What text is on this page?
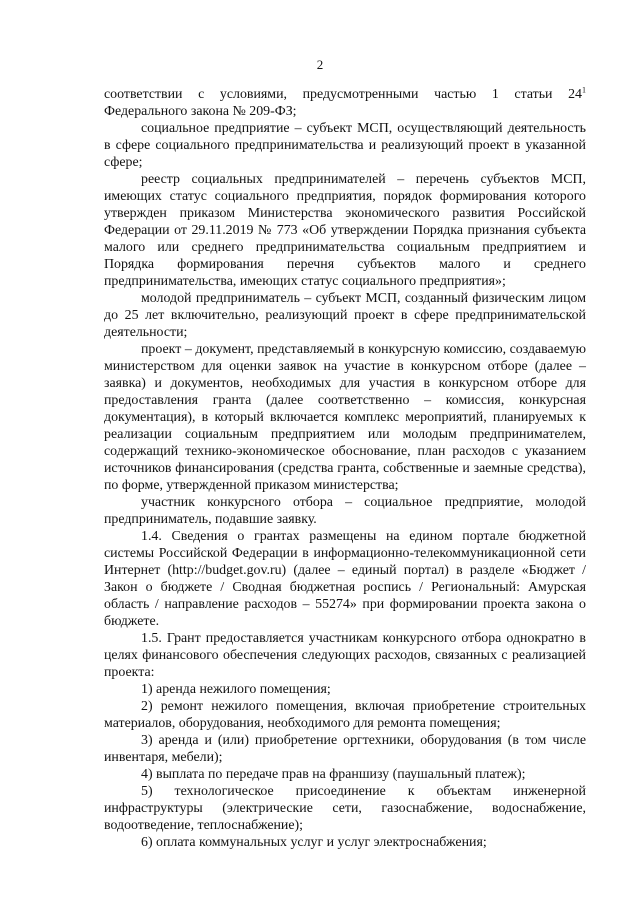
2

соответствии с условиями, предусмотренными частью 1 статьи $24^1$ Федерального закона № 209-ФЗ;

социальное предприятие – субъект МСП, осуществляющий деятельность в сфере социального предпринимательства и реализующий проект в указанной сфере;

реестр социальных предпринимателей – перечень субъектов МСП, имеющих статус социального предприятия, порядок формирования которого утвержден приказом Министерства экономического развития Российской Федерации от 29.11.2019 № 773 «Об утверждении Порядка признания субъекта малого или среднего предпринимательства социальным предприятием и Порядка формирования перечня субъектов малого и среднего предпринимательства, имеющих статус социального предприятия»;

молодой предприниматель – субъект МСП, созданный физическим лицом до 25 лет включительно, реализующий проект в сфере предпринимательской деятельности;

проект – документ, представляемый в конкурсную комиссию, создаваемую министерством для оценки заявок на участие в конкурсном отборе (далее – заявка) и документов, необходимых для участия в конкурсном отборе для предоставления гранта (далее соответственно – комиссия, конкурсная документация), в который включается комплекс мероприятий, планируемых к реализации социальным предприятием или молодым предпринимателем, содержащий технико-экономическое обоснование, план расходов с указанием источников финансирования (средства гранта, собственные и заемные средства), по форме, утвержденной приказом министерства;

участник конкурсного отбора – социальное предприятие, молодой предприниматель, подавшие заявку.

1.4. Сведения о грантах размещены на едином портале бюджетной системы Российской Федерации в информационно-телекоммуникационной сети Интернет (http://budget.gov.ru) (далее – единый портал) в разделе «Бюджет / Закон о бюджете / Сводная бюджетная роспись / Региональный: Амурская область / направление расходов – 55274» при формировании проекта закона о бюджете.

1.5. Грант предоставляется участникам конкурсного отбора однократно в целях финансового обеспечения следующих расходов, связанных с реализацией проекта:

1) аренда нежилого помещения;

2) ремонт нежилого помещения, включая приобретение строительных материалов, оборудования, необходимого для ремонта помещения;

3) аренда и (или) приобретение оргтехники, оборудования (в том числе инвентаря, мебели);

4) выплата по передаче прав на франшизу (паушальный платеж);

5) технологическое присоединение к объектам инженерной инфраструктуры (электрические сети, газоснабжение, водоснабжение, водоотведение, теплоснабжение);

6) оплата коммунальных услуг и услуг электроснабжения;
